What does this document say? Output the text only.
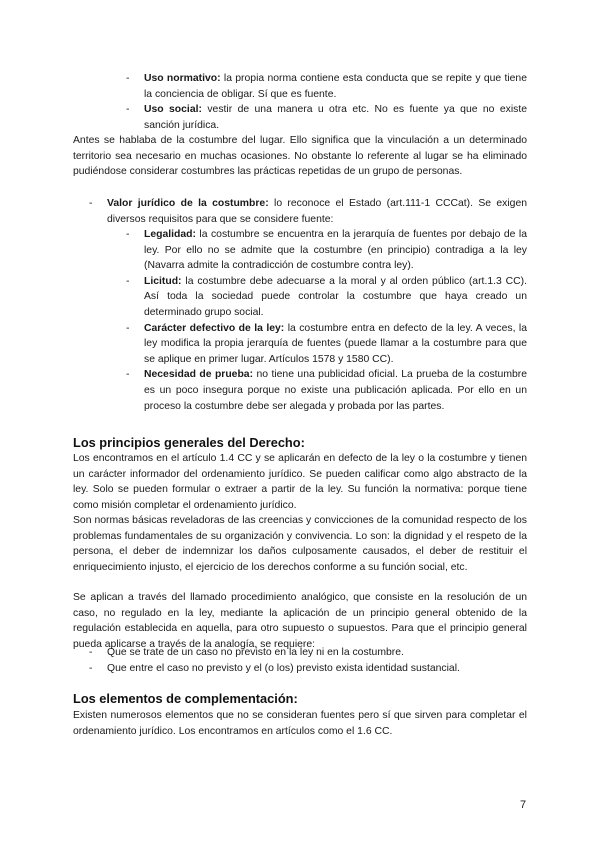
- Uso normativo: la propia norma contiene esta conducta que se repite y que tiene la conciencia de obligar. Sí que es fuente.
- Uso social: vestir de una manera u otra etc. No es fuente ya que no existe sanción jurídica.

Antes se hablaba de la costumbre del lugar. Ello significa que la vinculación a un determinado territorio sea necesario en muchas ocasiones. No obstante lo referente al lugar se ha eliminado pudiéndose considerar costumbres las prácticas repetidas de un grupo de personas.

- Valor jurídico de la costumbre: lo reconoce el Estado (art.111-1 CCCat). Se exigen diversos requisitos para que se considere fuente:
- Legalidad: la costumbre se encuentra en la jerarquía de fuentes por debajo de la ley. Por ello no se admite que la costumbre (en principio) contradiga a la ley (Navarra admite la contradicción de costumbre contra ley).
- Licitud: la costumbre debe adecuarse a la moral y al orden público (art.1.3 CC). Así toda la sociedad puede controlar la costumbre que haya creado un determinado grupo social.
- Carácter defectivo de la ley: la costumbre entra en defecto de la ley. A veces, la ley modifica la propia jerarquía de fuentes (puede llamar a la costumbre para que se aplique en primer lugar. Artículos 1578 y 1580 CC).
- Necesidad de prueba: no tiene una publicidad oficial. La prueba de la costumbre es un poco insegura porque no existe una publicación aplicada. Por ello en un proceso la costumbre debe ser alegada y probada por las partes.
Los principios generales del Derecho:

Los encontramos en el artículo 1.4 CC y se aplicarán en defecto de la ley o la costumbre y tienen un carácter informador del ordenamiento jurídico. Se pueden calificar como algo abstracto de la ley. Solo se pueden formular o extraer a partir de la ley. Su función la normativa: porque tiene como misión completar el ordenamiento jurídico.

Son normas básicas reveladoras de las creencias y convicciones de la comunidad respecto de los problemas fundamentales de su organización y convivencia. Lo son: la dignidad y el respeto de la persona, el deber de indemnizar los daños culposamente causados, el deber de restituir el enriquecimiento injusto, el ejercicio de los derechos conforme a su función social, etc.

Se aplican a través del llamado procedimiento analógico, que consiste en la resolución de un caso, no regulado en la ley, mediante la aplicación de un principio general obtenido de la regulación establecida en aquella, para otro supuesto o supuestos. Para que el principio general pueda aplicarse a través de la analogía, se requiere:

- Que se trate de un caso no previsto en la ley ni en la costumbre.
- Que entre el caso no previsto y el (o los) previsto exista identidad sustancial.
Los elementos de complementación:

Existen numerosos elementos que no se consideran fuentes pero sí que sirven para completar el ordenamiento jurídico. Los encontramos en artículos como el 1.6 CC.

7
